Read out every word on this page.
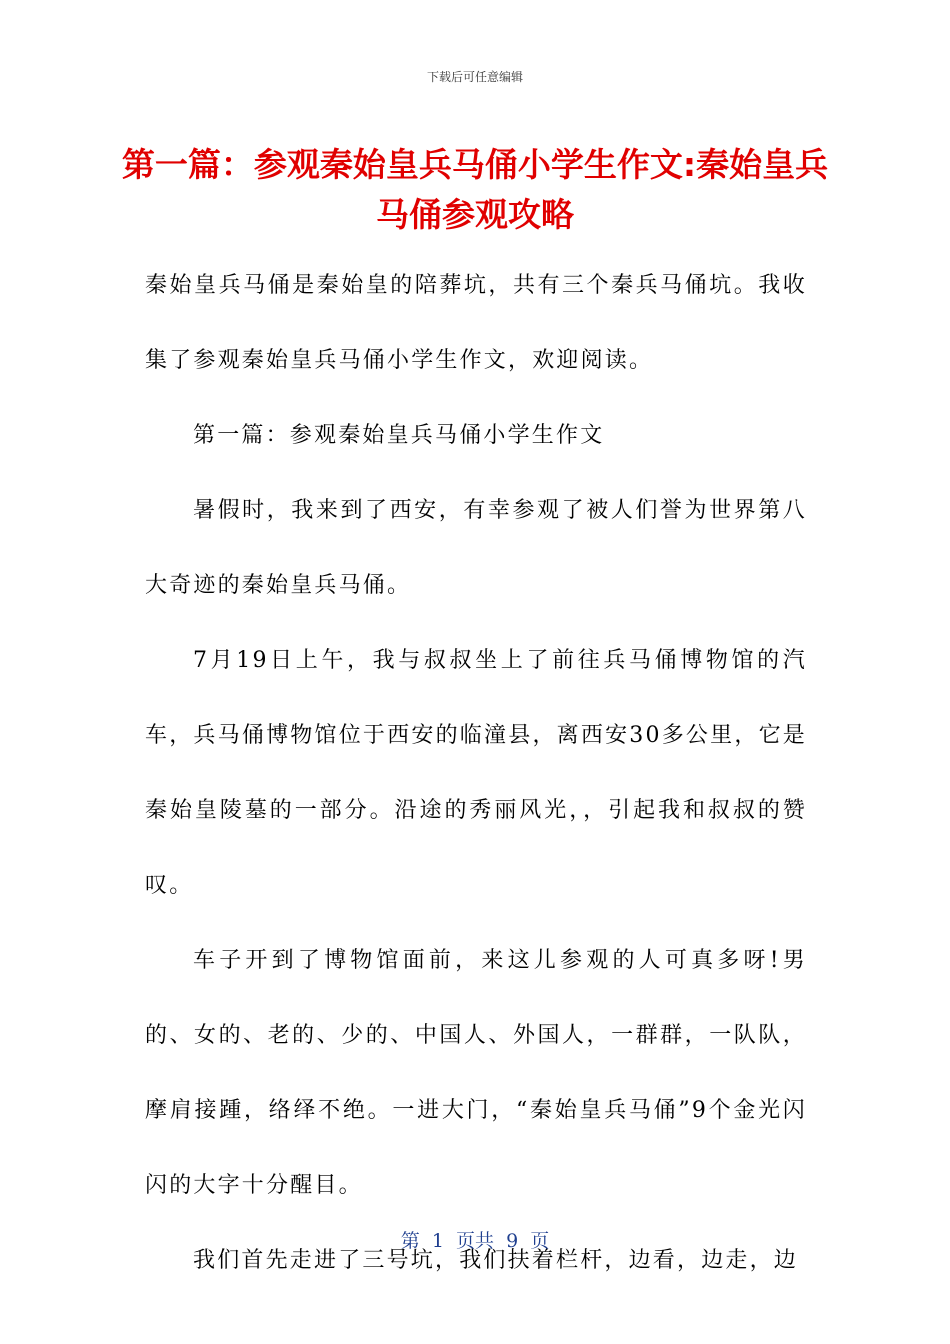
下载后可任意编辑
第一篇：参观秦始皇兵马俑小学生作文:秦始皇兵马俑参观攻略

秦始皇兵马俑是秦始皇的陪葬坑，共有三个秦兵马俑坑。我收集了参观秦始皇兵马俑小学生作文，欢迎阅读。

第一篇：参观秦始皇兵马俑小学生作文

暑假时，我来到了西安，有幸参观了被人们誉为世界第八大奇迹的秦始皇兵马俑。

7月19日上午，我与叔叔坐上了前往兵马俑博物馆的汽车，兵马俑博物馆位于西安的临潼县，离西安30多公里，它是秦始皇陵墓的一部分。沿途的秀丽风光，，引起我和叔叔的赞叹。

车子开到了博物馆面前，来这儿参观的人可真多呀!男的、女的、老的、少的、中国人、外国人，一群群，一队队，摩肩接踵，络绎不绝。一进大门，“秦始皇兵马俑”9个金光闪闪的大字十分醒目。

我们首先走进了三号坑，我们扶着栏杆，边看，边走，边

第  1  页共  9  页
